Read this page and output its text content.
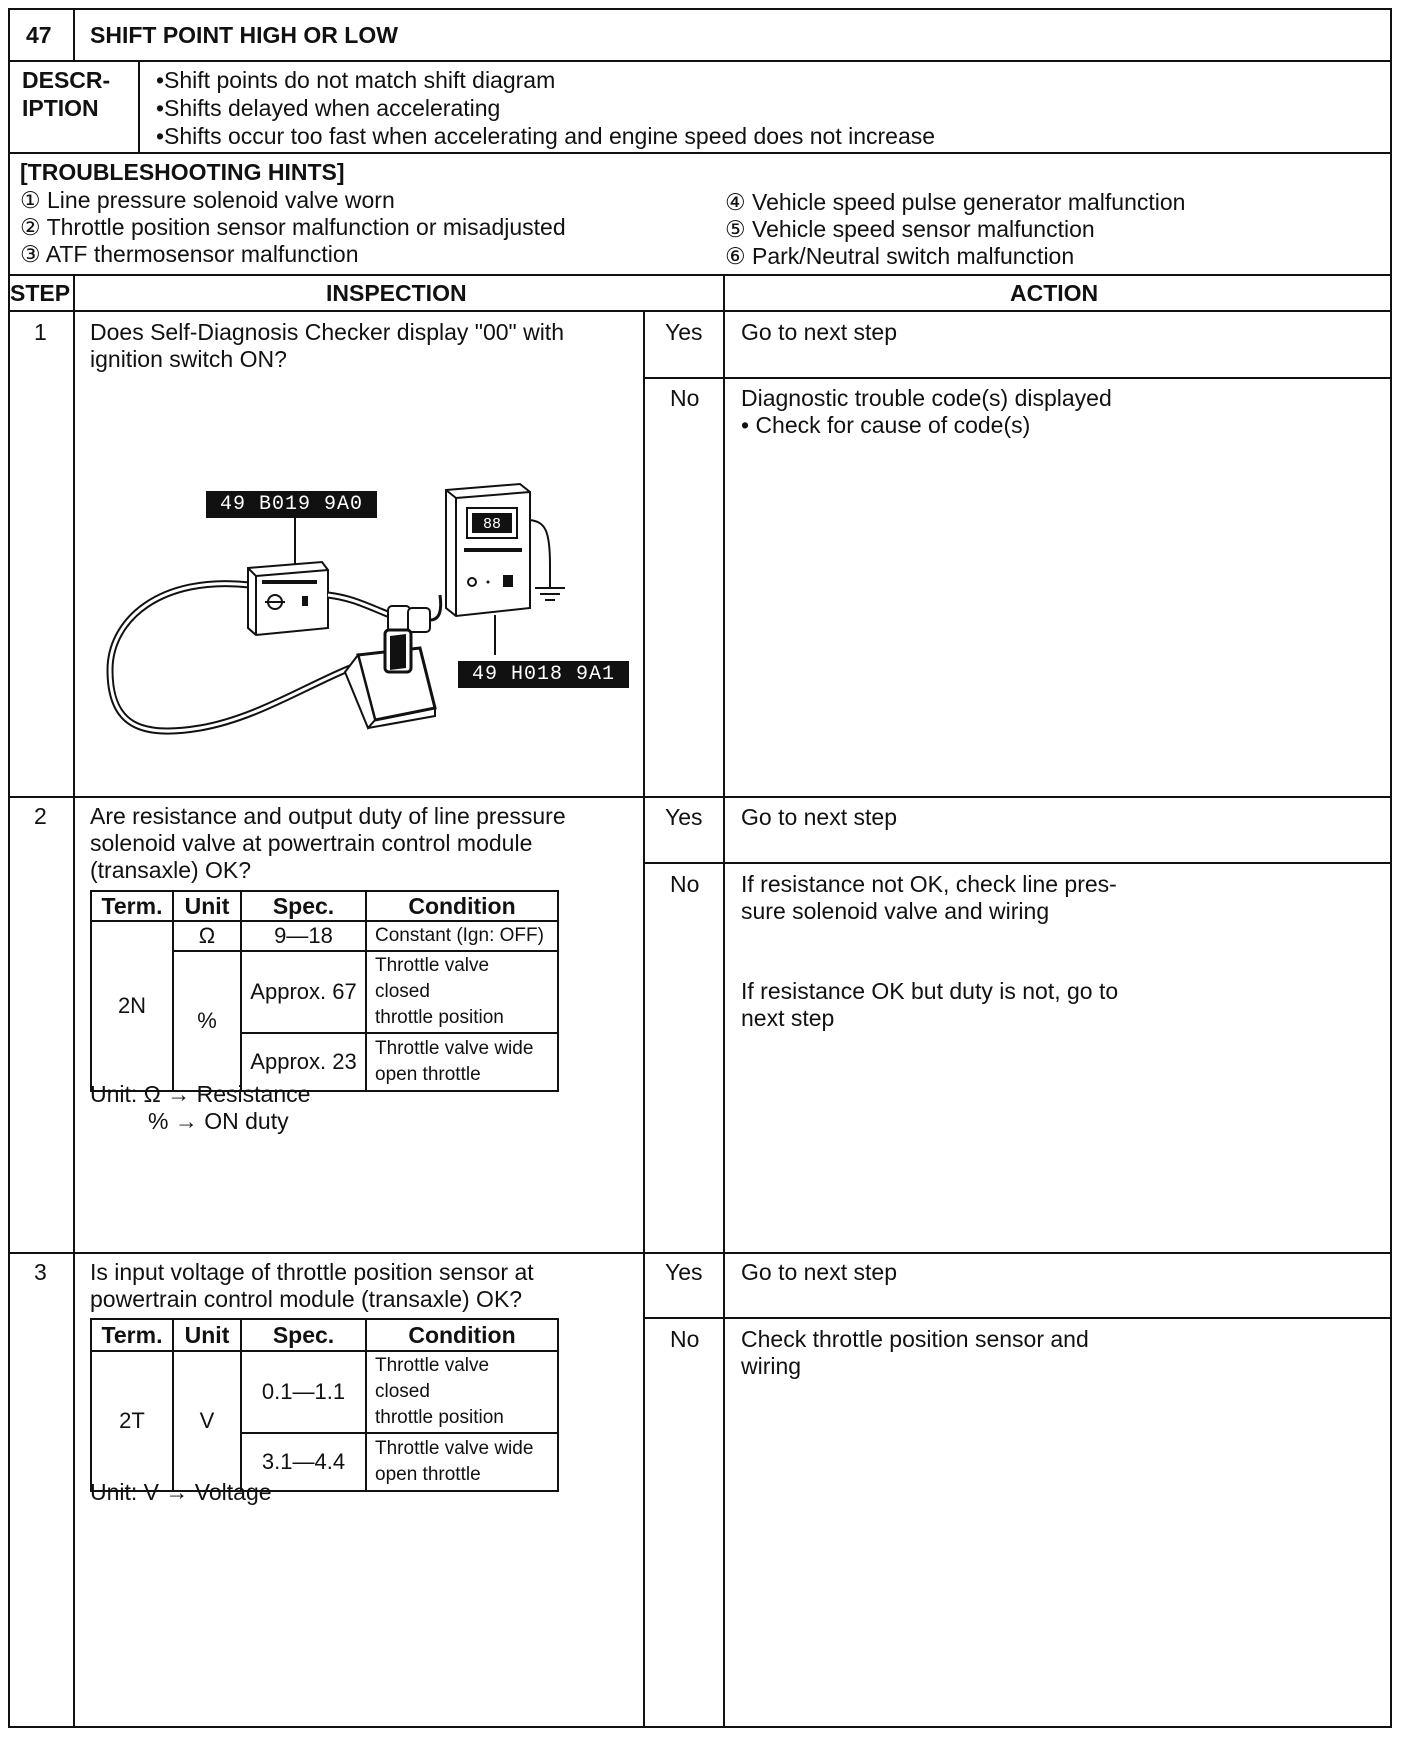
47 SHIFT POINT HIGH OR LOW
DESCR-
IPTION
•Shift points do not match shift diagram
•Shifts delayed when accelerating
•Shifts occur too fast when accelerating and engine speed does not increase
[TROUBLESHOOTING HINTS]
① Line pressure solenoid valve worn
② Throttle position sensor malfunction or misadjusted
③ ATF thermosensor malfunction
④ Vehicle speed pulse generator malfunction
⑤ Vehicle speed sensor malfunction
⑥ Park/Neutral switch malfunction
STEP	INSPECTION	ACTION
1 Does Self-Diagnosis Checker display "00" with
ignition switch ON?
Yes Go to next step
No Diagnostic trouble code(s) displayed
• Check for cause of code(s)
88
49 B019 9A0
49 H018 9A1
2 Are resistance and output duty of line pressure
solenoid valve at powertrain control module
(transaxle) OK?
Term.	Unit	Spec.	Condition
2N	Ω	9—18	Constant (Ign: OFF)
	%	Approx. 67	Throttle valve closed
throttle position
		Approx. 23	Throttle valve wide
open throttle
Unit: Ω → Resistance
% → ON duty
Yes Go to next step
No If resistance not OK, check line pres-
sure solenoid valve and wiring
If resistance OK but duty is not, go to
next step
3 Is input voltage of throttle position sensor at
powertrain control module (transaxle) OK?
Term.	Unit	Spec.	Condition
2T	V	0.1—1.1	Throttle valve closed
throttle position
		3.1—4.4	Throttle valve wide
open throttle
Unit: V → Voltage
Yes Go to next step
No Check throttle position sensor and
wiring
